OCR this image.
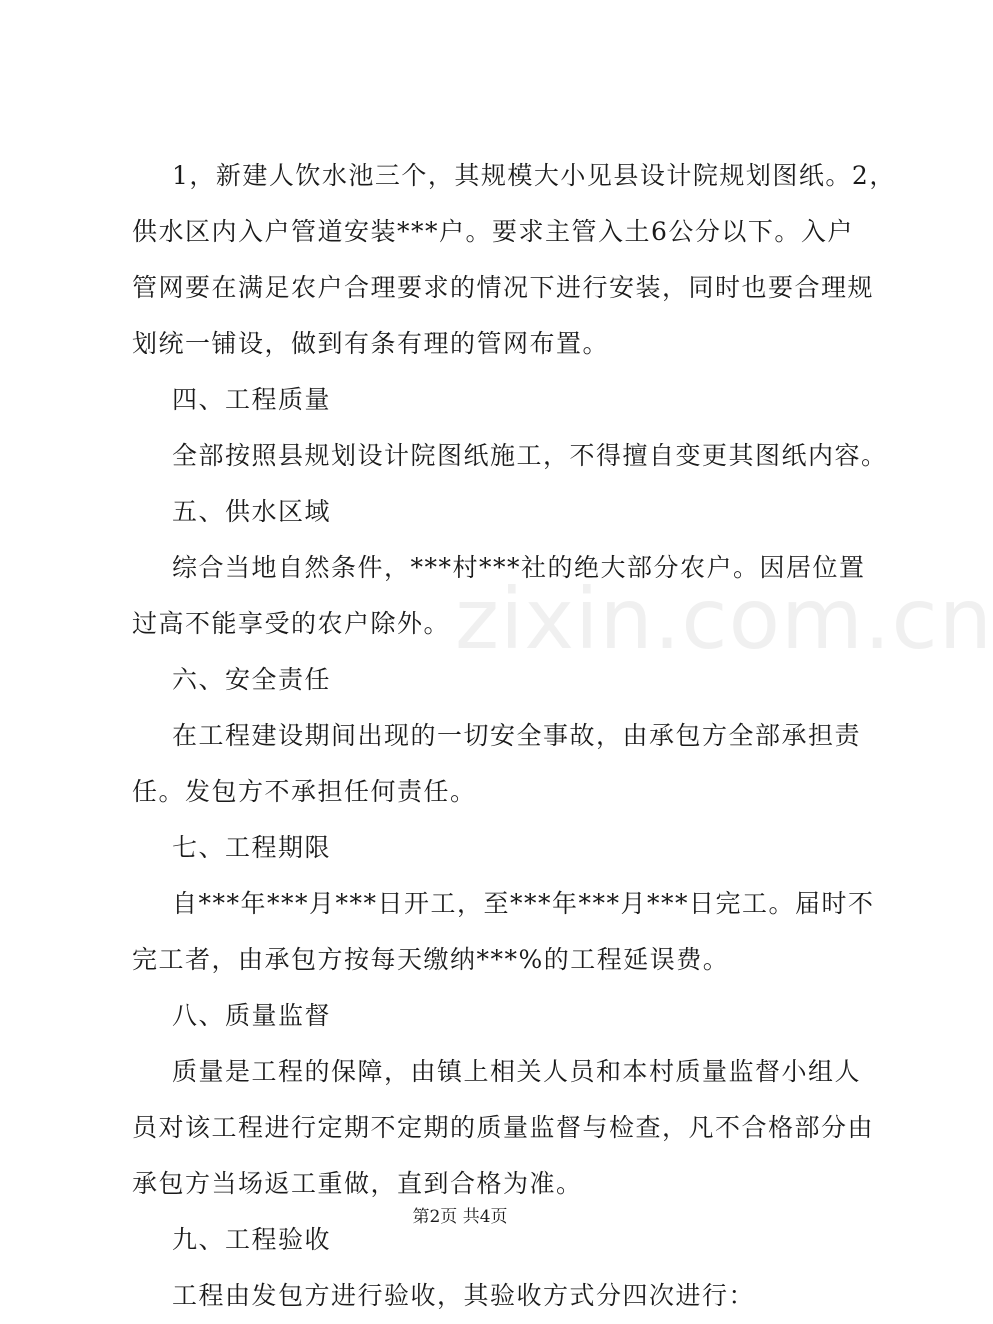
zixin.com.cn
1，新建人饮水池三个，其规模大小见县设计院规划图纸。2，
供水区内入户管道安装***户。要求主管入土6公分以下。入户
管网要在满足农户合理要求的情况下进行安装，同时也要合理规
划统一铺设，做到有条有理的管网布置。
四、工程质量
全部按照县规划设计院图纸施工，不得擅自变更其图纸内容。
五、供水区域
综合当地自然条件，***村***社的绝大部分农户。因居位置
过高不能享受的农户除外。
六、安全责任
在工程建设期间出现的一切安全事故，由承包方全部承担责
任。发包方不承担任何责任。
七、工程期限
自***年***月***日开工，至***年***月***日完工。届时不
完工者，由承包方按每天缴纳***%的工程延误费。
八、质量监督
质量是工程的保障，由镇上相关人员和本村质量监督小组人
员对该工程进行定期不定期的质量监督与检查，凡不合格部分由
承包方当场返工重做，直到合格为准。
九、工程验收
工程由发包方进行验收，其验收方式分四次进行：
第2页 共4页
